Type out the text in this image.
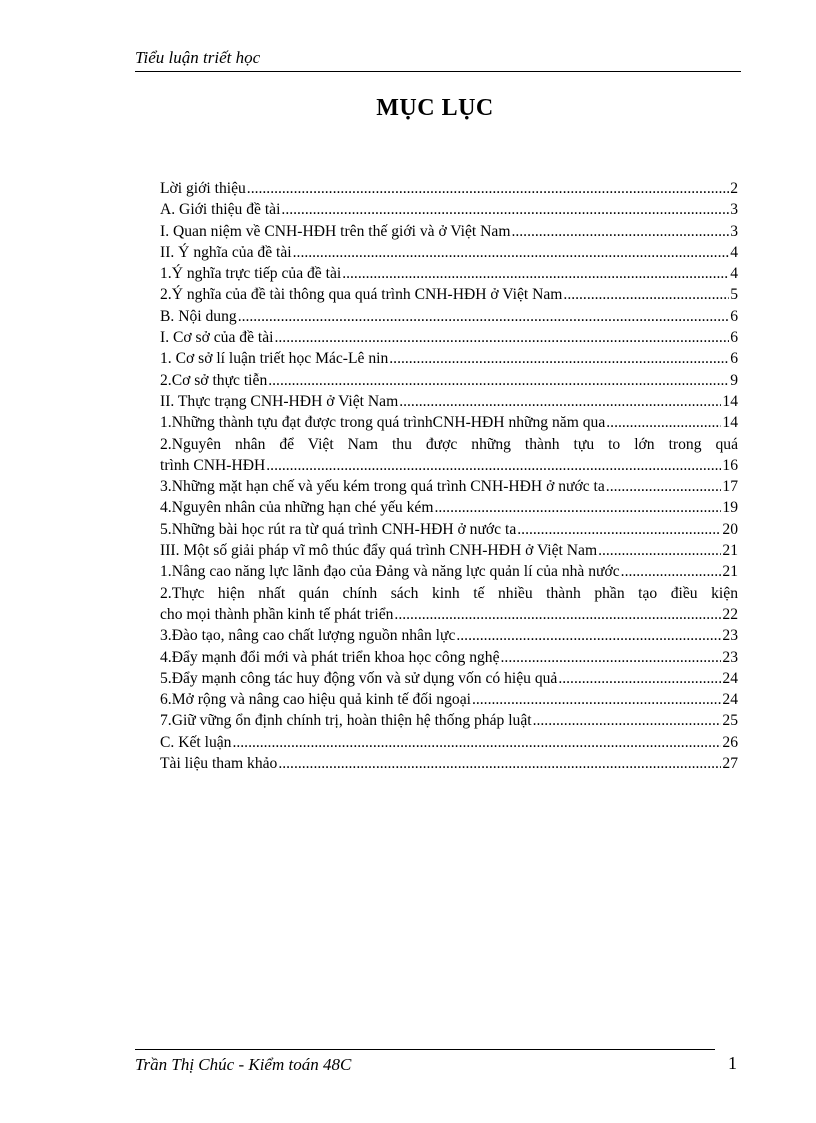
Tiểu luận triết học
MỤC LỤC
Lời giới thiệu .....	2
A. Giới thiệu đề tài .....	3
I. Quan niệm về CNH-HĐH trên thế giới và ở Việt Nam .....	3
II. Ý nghĩa của đề tài .....	4
1.Ý nghĩa trực tiếp của đề tài .....	4
2.Ý nghĩa của đề tài thông qua quá trình CNH-HĐH ở Việt Nam .....	5
B. Nội dung .....	6
I. Cơ sở của đề tài .....	6
1. Cơ sở lí luận triết học Mác-Lê nin .....	6
2.Cơ sở thực tiễn .....	9
II. Thực trạng CNH-HĐH ở Việt Nam .....	14
1.Những thành tựu đạt được trong quá trìnhCNH-HĐH những năm qua .....	14
2.Nguyên nhân để Việt Nam thu được những thành tựu to lớn trong quá
trình CNH-HĐH .....	16
3.Những mặt hạn chế và yếu kém trong quá trình CNH-HĐH ở nước ta .....	17
4.Nguyên nhân của những hạn ché yếu kém .....	19
5.Những bài học rút ra từ quá trình CNH-HĐH ở nước ta .....	20
III. Một số giải pháp vĩ mô thúc đẩy quá trình CNH-HĐH ở Việt Nam .....	21
1.Nâng cao năng lực lãnh đạo của Đảng và năng lực quản lí của nhà nước .....	21
2.Thực hiện nhất quán chính sách kinh tế nhiều thành phần tạo điều kiện
cho mọi thành phần kinh tế phát triển .....	22
3.Đào tạo, nâng cao chất lượng nguồn nhân lực .....	23
4.Đẩy mạnh đổi mới và phát triển khoa học công nghệ .....	23
5.Đẩy mạnh công tác huy động vốn và sử dụng vốn có hiệu quả .....	24
6.Mở rộng và nâng cao hiệu quả kinh tế đối ngoại .....	24
7.Giữ vững ổn định chính trị, hoàn thiện hệ thống pháp luật .....	25
C. Kết luận .....	26
Tài liệu tham khảo .....	27
Trần Thị Chúc - Kiểm toán 48C	1
